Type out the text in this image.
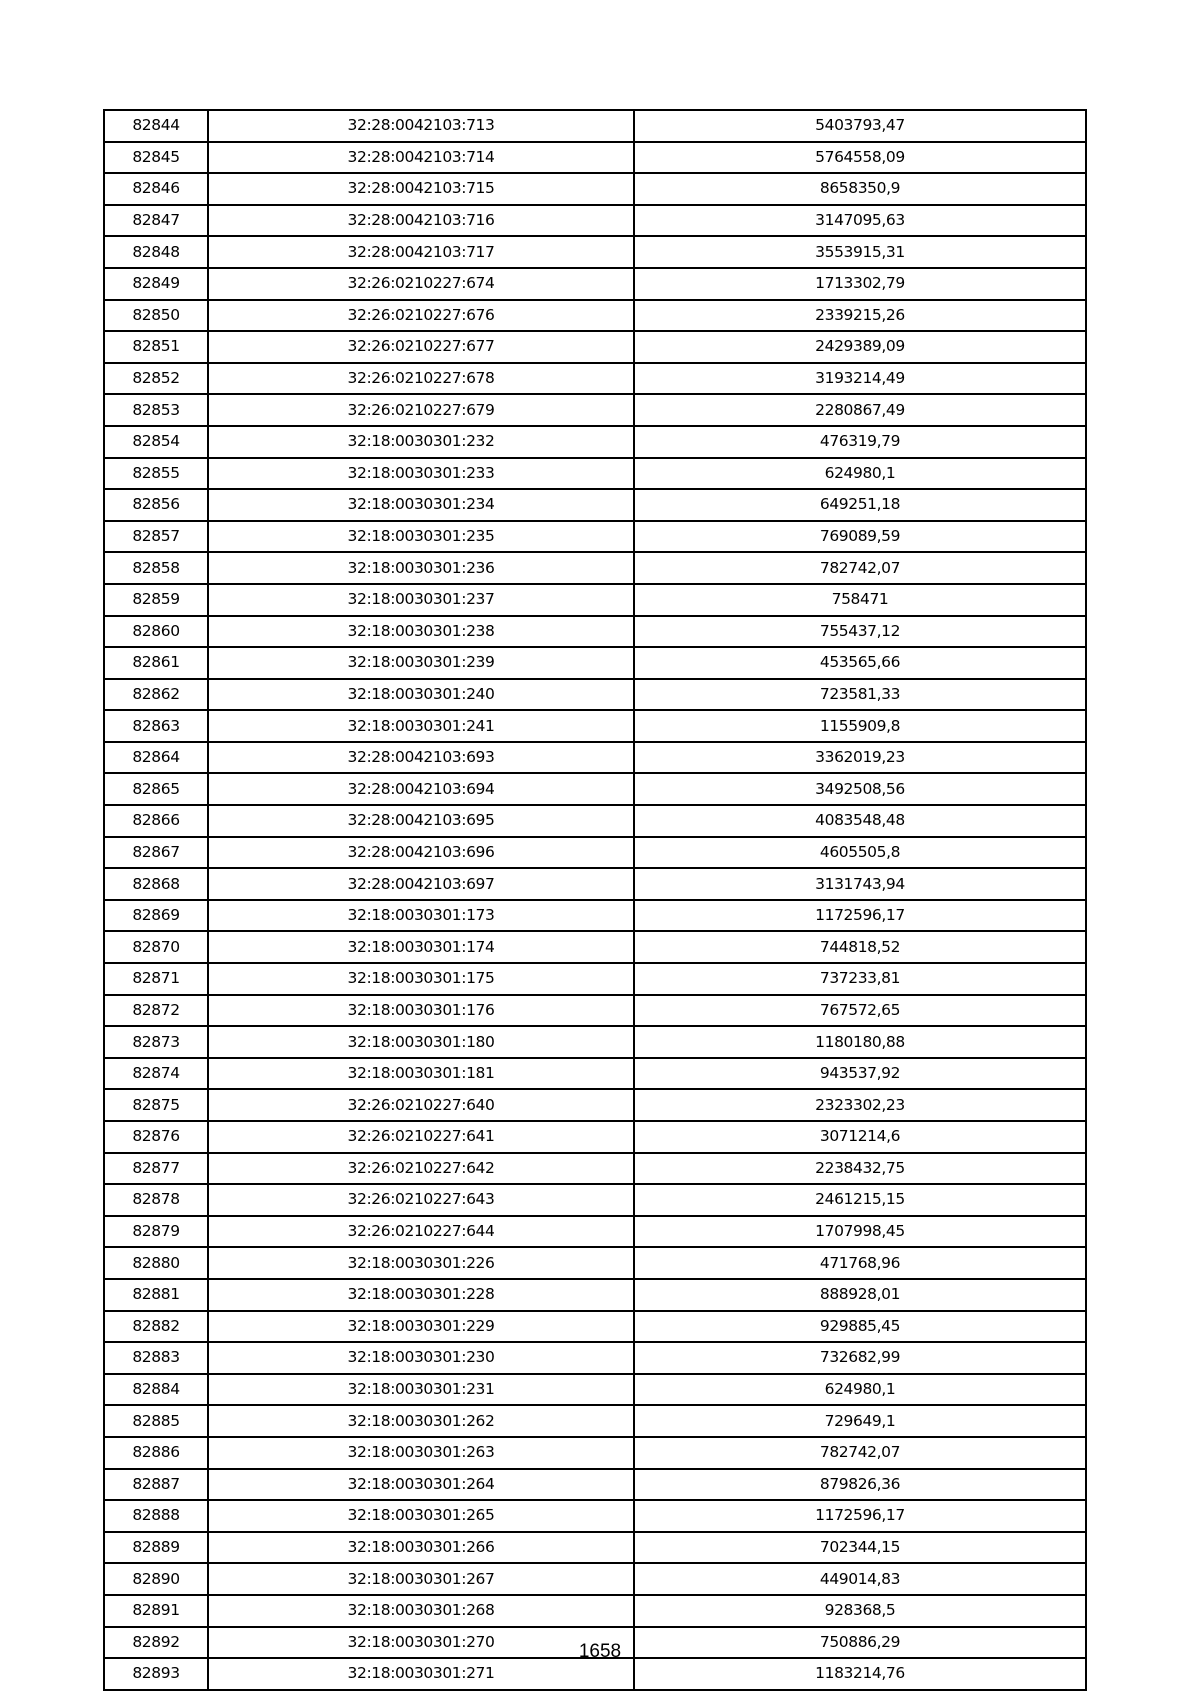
82844	32:28:0042103:713	5403793,47
82845	32:28:0042103:714	5764558,09
82846	32:28:0042103:715	8658350,9
82847	32:28:0042103:716	3147095,63
82848	32:28:0042103:717	3553915,31
82849	32:26:0210227:674	1713302,79
82850	32:26:0210227:676	2339215,26
82851	32:26:0210227:677	2429389,09
82852	32:26:0210227:678	3193214,49
82853	32:26:0210227:679	2280867,49
82854	32:18:0030301:232	476319,79
82855	32:18:0030301:233	624980,1
82856	32:18:0030301:234	649251,18
82857	32:18:0030301:235	769089,59
82858	32:18:0030301:236	782742,07
82859	32:18:0030301:237	758471
82860	32:18:0030301:238	755437,12
82861	32:18:0030301:239	453565,66
82862	32:18:0030301:240	723581,33
82863	32:18:0030301:241	1155909,8
82864	32:28:0042103:693	3362019,23
82865	32:28:0042103:694	3492508,56
82866	32:28:0042103:695	4083548,48
82867	32:28:0042103:696	4605505,8
82868	32:28:0042103:697	3131743,94
82869	32:18:0030301:173	1172596,17
82870	32:18:0030301:174	744818,52
82871	32:18:0030301:175	737233,81
82872	32:18:0030301:176	767572,65
82873	32:18:0030301:180	1180180,88
82874	32:18:0030301:181	943537,92
82875	32:26:0210227:640	2323302,23
82876	32:26:0210227:641	3071214,6
82877	32:26:0210227:642	2238432,75
82878	32:26:0210227:643	2461215,15
82879	32:26:0210227:644	1707998,45
82880	32:18:0030301:226	471768,96
82881	32:18:0030301:228	888928,01
82882	32:18:0030301:229	929885,45
82883	32:18:0030301:230	732682,99
82884	32:18:0030301:231	624980,1
82885	32:18:0030301:262	729649,1
82886	32:18:0030301:263	782742,07
82887	32:18:0030301:264	879826,36
82888	32:18:0030301:265	1172596,17
82889	32:18:0030301:266	702344,15
82890	32:18:0030301:267	449014,83
82891	32:18:0030301:268	928368,5
82892	32:18:0030301:270	750886,29
82893	32:18:0030301:271	1183214,76
1658
